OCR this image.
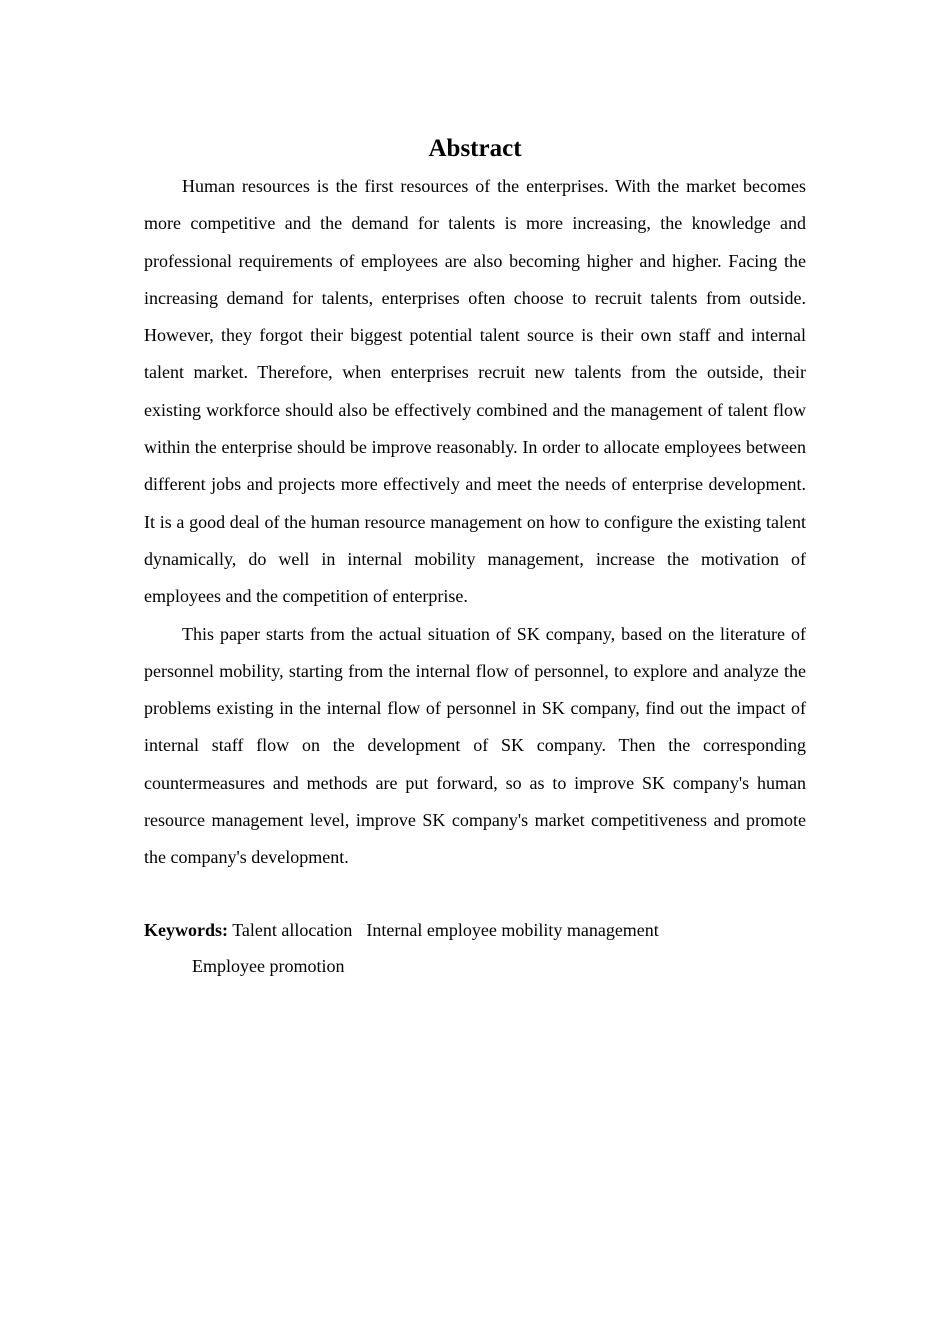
Abstract

Human resources is the first resources of the enterprises. With the market becomes more competitive and the demand for talents is more increasing, the knowledge and professional requirements of employees are also becoming higher and higher. Facing the increasing demand for talents, enterprises often choose to recruit talents from outside. However, they forgot their biggest potential talent source is their own staff and internal talent market. Therefore, when enterprises recruit new talents from the outside, their existing workforce should also be effectively combined and the management of talent flow within the enterprise should be improve reasonably. In order to allocate employees between different jobs and projects more effectively and meet the needs of enterprise development. It is a good deal of the human resource management on how to configure the existing talent dynamically, do well in internal mobility management, increase the motivation of employees and the competition of enterprise.

This paper starts from the actual situation of SK company, based on the literature of personnel mobility, starting from the internal flow of personnel, to explore and analyze the problems existing in the internal flow of personnel in SK company, find out the impact of internal staff flow on the development of SK company. Then the corresponding countermeasures and methods are put forward, so as to improve SK company's human resource management level, improve SK company's market competitiveness and promote the company's development.

Keywords: Talent allocation Internal employee mobility management
Employee promotion
